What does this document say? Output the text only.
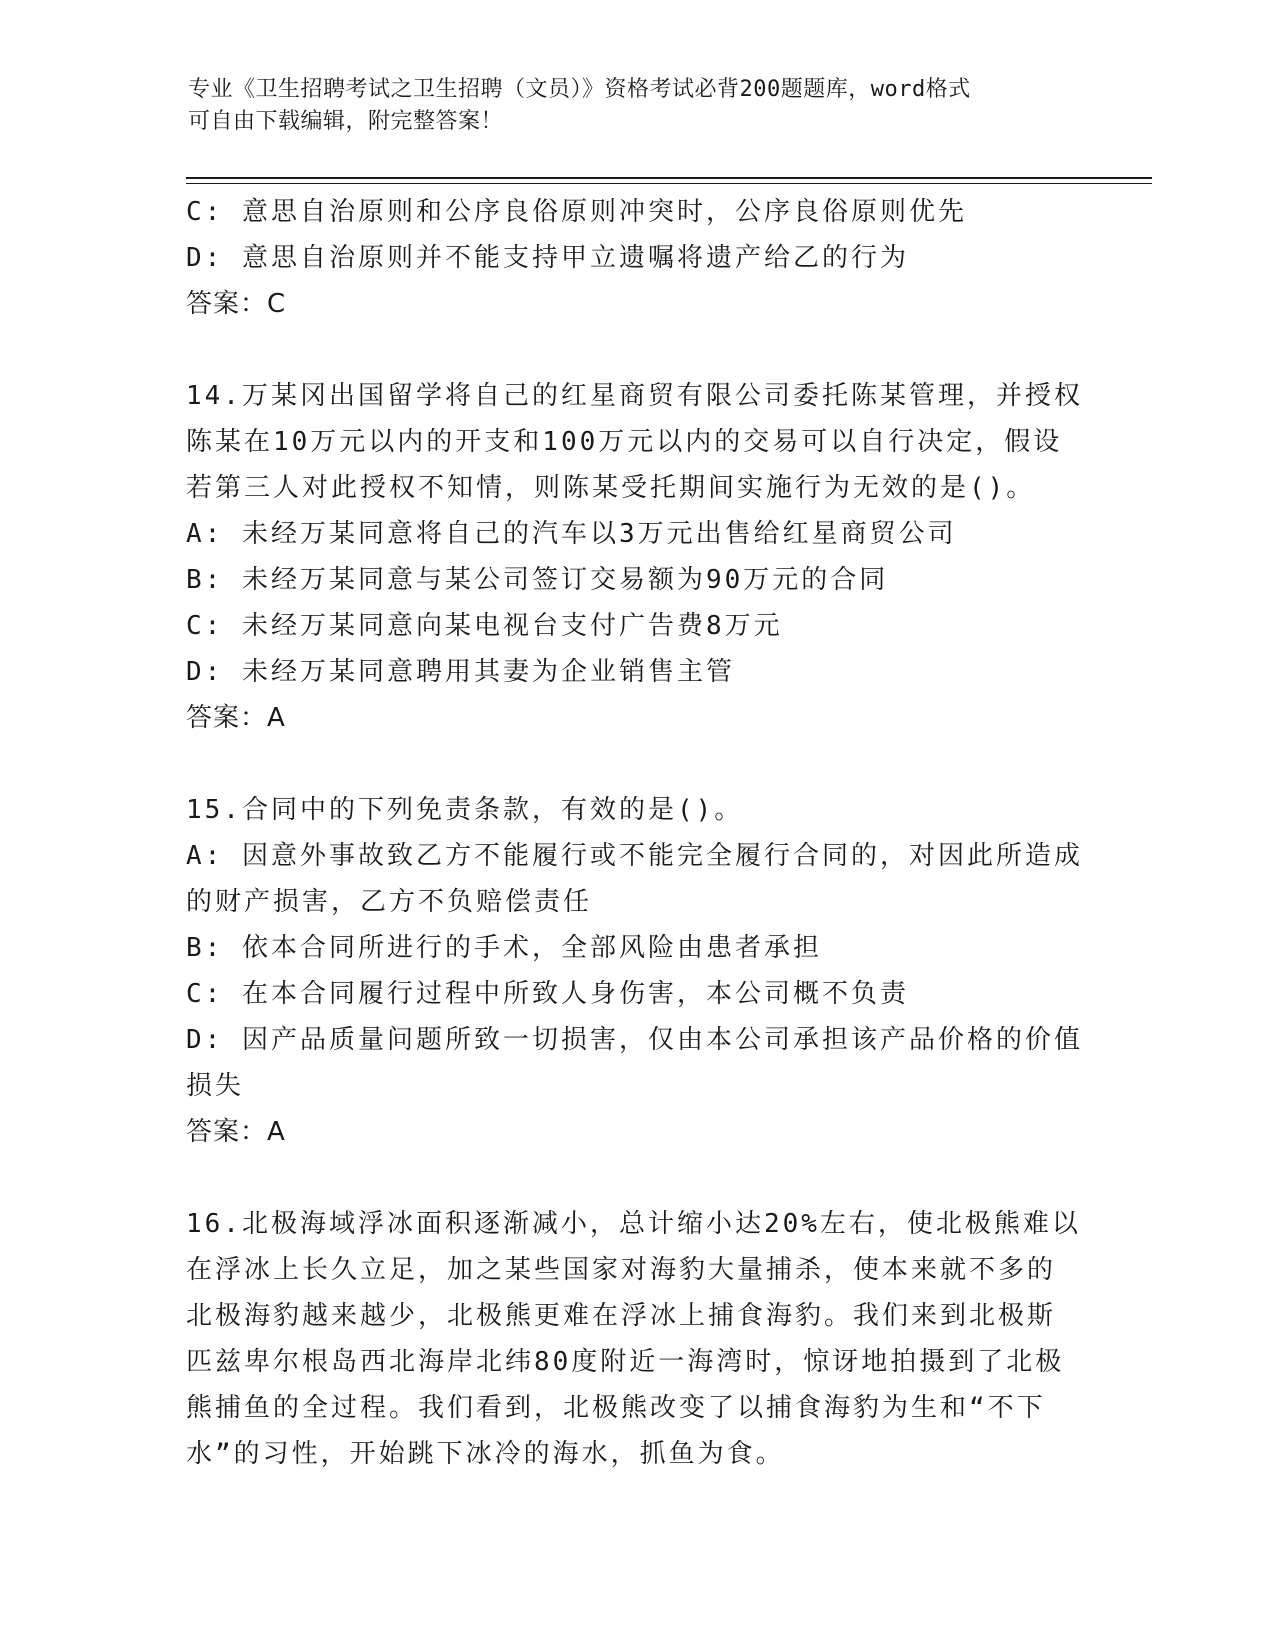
专业《卫生招聘考试之卫生招聘（文员）》资格考试必背200题题库，word格式
可自由下载编辑，附完整答案！
C: 意思自治原则和公序良俗原则冲突时，公序良俗原则优先
D: 意思自治原则并不能支持甲立遗嘱将遗产给乙的行为
答案：C
14.万某冈出国留学将自己的红星商贸有限公司委托陈某管理，并授权
陈某在10万元以内的开支和100万元以内的交易可以自行决定，假设
若第三人对此授权不知情，则陈某受托期间实施行为无效的是()。
A: 未经万某同意将自己的汽车以3万元出售给红星商贸公司
B: 未经万某同意与某公司签订交易额为90万元的合同
C: 未经万某同意向某电视台支付广告费8万元
D: 未经万某同意聘用其妻为企业销售主管
答案：A
15.合同中的下列免责条款，有效的是()。
A: 因意外事故致乙方不能履行或不能完全履行合同的，对因此所造成
的财产损害，乙方不负赔偿责任
B: 依本合同所进行的手术，全部风险由患者承担
C: 在本合同履行过程中所致人身伤害，本公司概不负责
D: 因产品质量问题所致一切损害，仅由本公司承担该产品价格的价值
损失
答案：A
16.北极海域浮冰面积逐渐减小，总计缩小达20%左右，使北极熊难以
在浮冰上长久立足，加之某些国家对海豹大量捕杀，使本来就不多的
北极海豹越来越少，北极熊更难在浮冰上捕食海豹。我们来到北极斯
匹兹卑尔根岛西北海岸北纬80度附近一海湾时，惊讶地拍摄到了北极
熊捕鱼的全过程。我们看到，北极熊改变了以捕食海豹为生和“不下
水”的习性，开始跳下冰冷的海水，抓鱼为食。
